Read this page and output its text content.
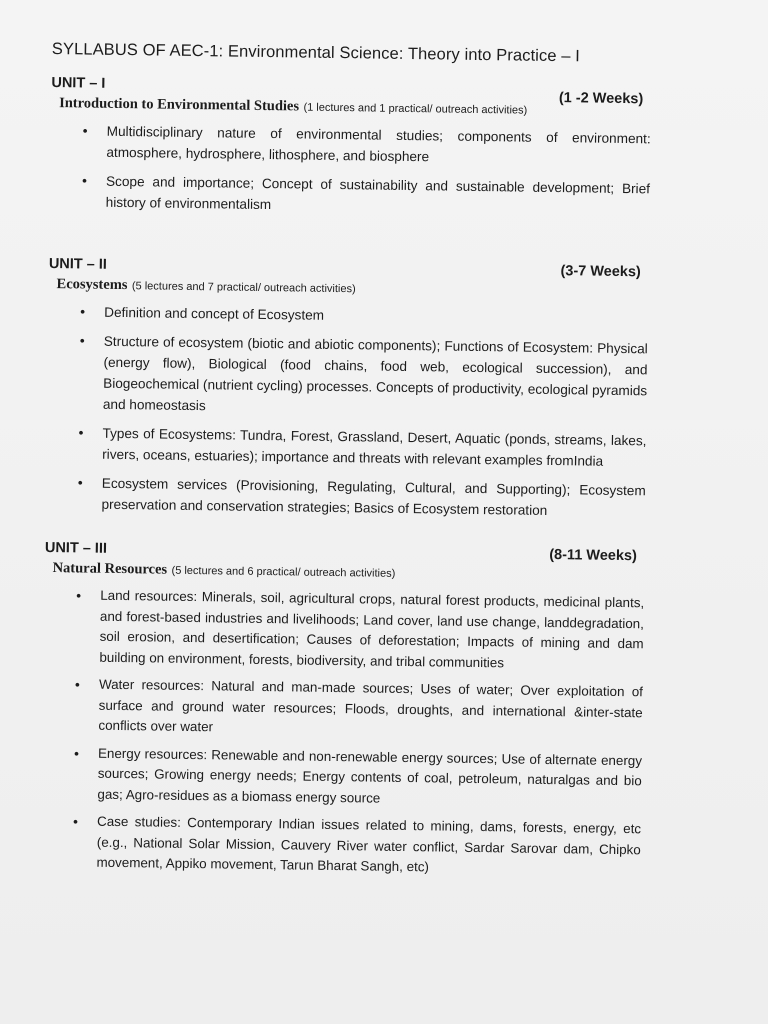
SYLLABUS OF AEC-1: Environmental Science: Theory into Practice – I
UNIT – I
(1 -2 Weeks)
Introduction to Environmental Studies (1 lectures and 1 practical/ outreach activities)
• Multidisciplinary nature of environmental studies; components of environment: atmosphere, hydrosphere, lithosphere, and biosphere
• Scope and importance; Concept of sustainability and sustainable development; Brief history of environmentalism
UNIT – II	(3-7 Weeks)
Ecosystems (5 lectures and 7 practical/ outreach activities)
• Definition and concept of Ecosystem
• Structure of ecosystem (biotic and abiotic components); Functions of Ecosystem: Physical (energy flow), Biological (food chains, food web, ecological succession), and Biogeochemical (nutrient cycling) processes. Concepts of productivity, ecological pyramids and homeostasis
• Types of Ecosystems: Tundra, Forest, Grassland, Desert, Aquatic (ponds, streams, lakes, rivers, oceans, estuaries); importance and threats with relevant examples fromIndia
• Ecosystem services (Provisioning, Regulating, Cultural, and Supporting); Ecosystem preservation and conservation strategies; Basics of Ecosystem restoration
UNIT – III	(8-11 Weeks)
Natural Resources (5 lectures and 6 practical/ outreach activities)
• Land resources: Minerals, soil, agricultural crops, natural forest products, medicinal plants, and forest-based industries and livelihoods; Land cover, land use change, landdegradation, soil erosion, and desertification; Causes of deforestation; Impacts of mining and dam building on environment, forests, biodiversity, and tribal communities
• Water resources: Natural and man-made sources; Uses of water; Over exploitation of surface and ground water resources; Floods, droughts, and international &inter-state conflicts over water
• Energy resources: Renewable and non-renewable energy sources; Use of alternate energy sources; Growing energy needs; Energy contents of coal, petroleum, naturalgas and bio gas; Agro-residues as a biomass energy source
• Case studies: Contemporary Indian issues related to mining, dams, forests, energy, etc (e.g., National Solar Mission, Cauvery River water conflict, Sardar Sarovar dam, Chipko movement, Appiko movement, Tarun Bharat Sangh, etc)
